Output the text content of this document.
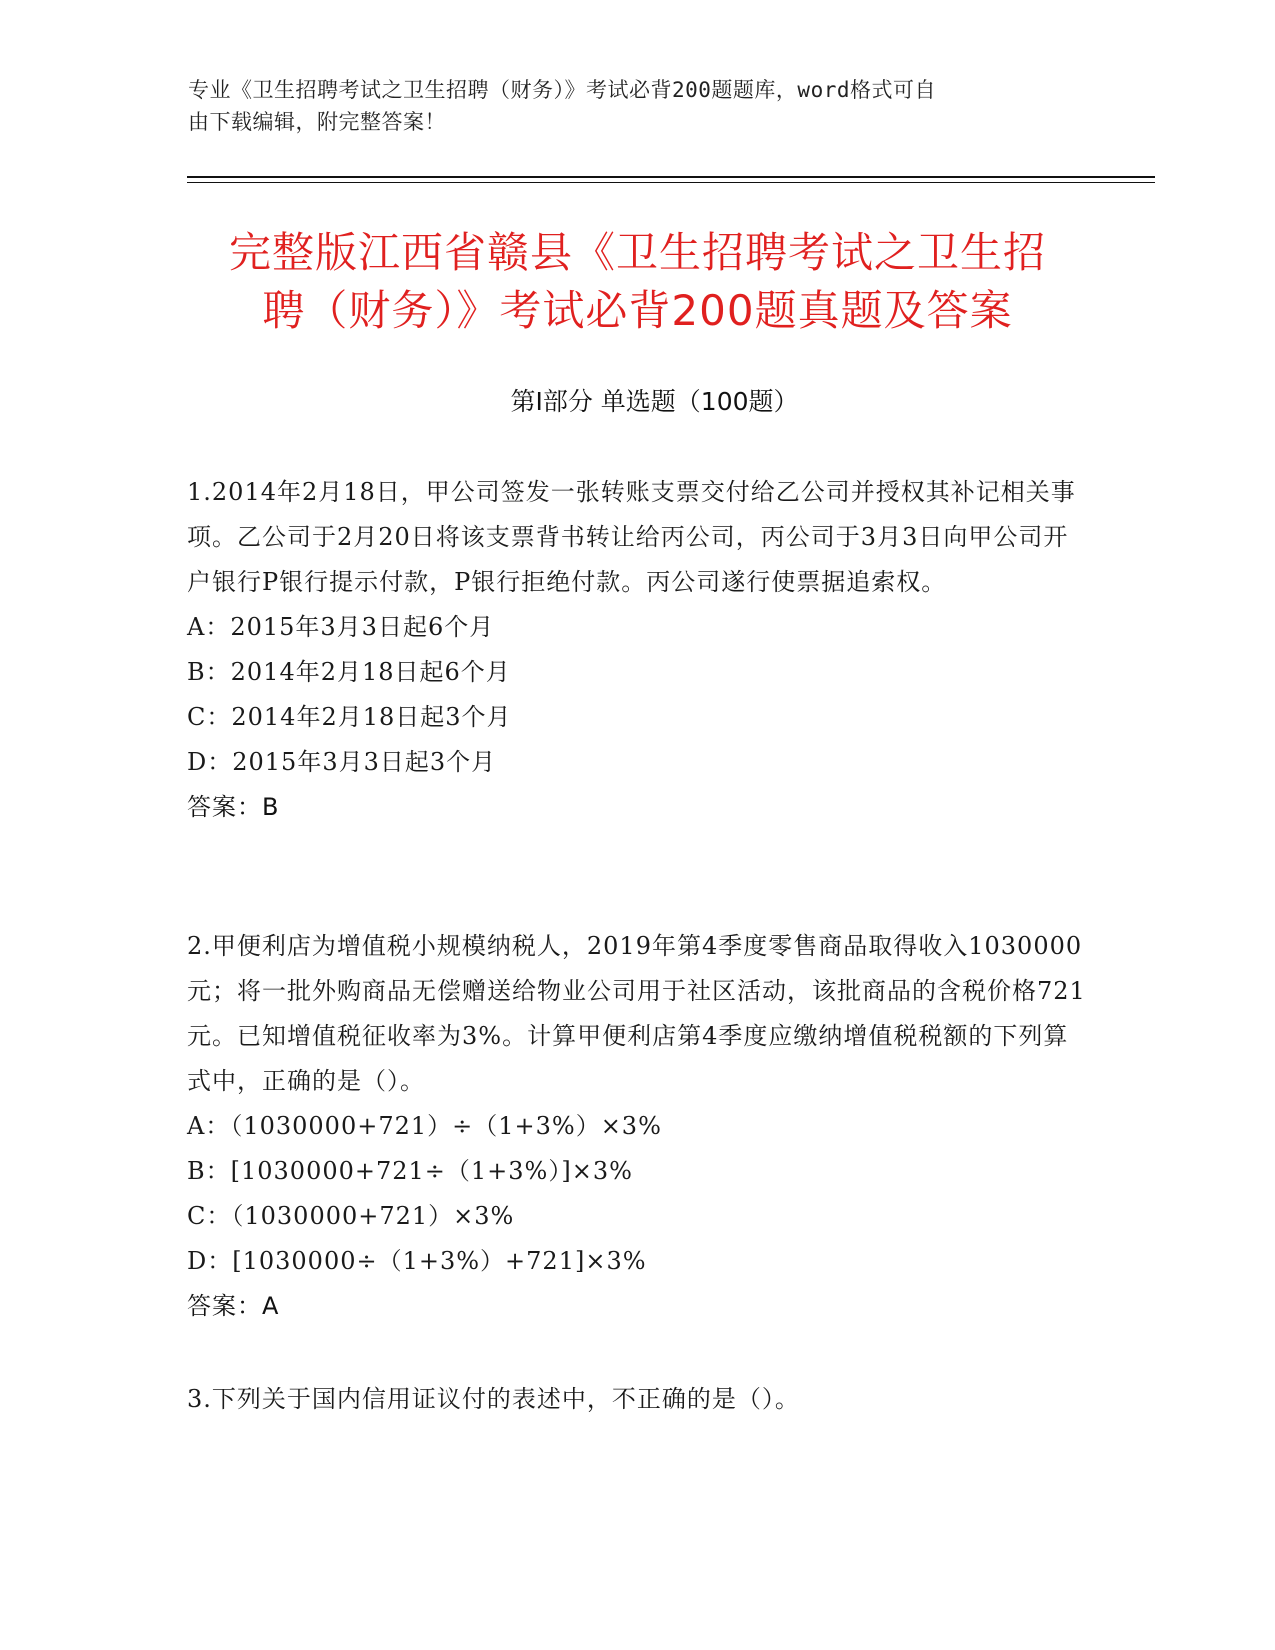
专业《卫生招聘考试之卫生招聘（财务）》考试必背200题题库，word格式可自
由下载编辑，附完整答案！
完整版江西省赣县《卫生招聘考试之卫生招
聘（财务）》考试必背200题真题及答案
第Ⅰ部分 单选题（100题）

1.2014年2月18日，甲公司签发一张转账支票交付给乙公司并授权其补记相关事项。乙公司于2月20日将该支票背书转让给丙公司，丙公司于3月3日向甲公司开户银行P银行提示付款，P银行拒绝付款。丙公司遂行使票据追索权。

A：2015年3月3日起6个月

B：2014年2月18日起6个月

C：2014年2月18日起3个月

D：2015年3月3日起3个月

答案：B

2.甲便利店为增值税小规模纳税人，2019年第4季度零售商品取得收入1030000元；将一批外购商品无偿赠送给物业公司用于社区活动，该批商品的含税价格721元。已知增值税征收率为3%。计算甲便利店第4季度应缴纳增值税税额的下列算式中，正确的是（）。

A：（1030000+721）÷（1+3%）×3%

B：[1030000+721÷（1+3%）]×3%

C：（1030000+721）×3%

D：[1030000÷（1+3%）+721]×3%

答案：A

3.下列关于国内信用证议付的表述中，不正确的是（）。
